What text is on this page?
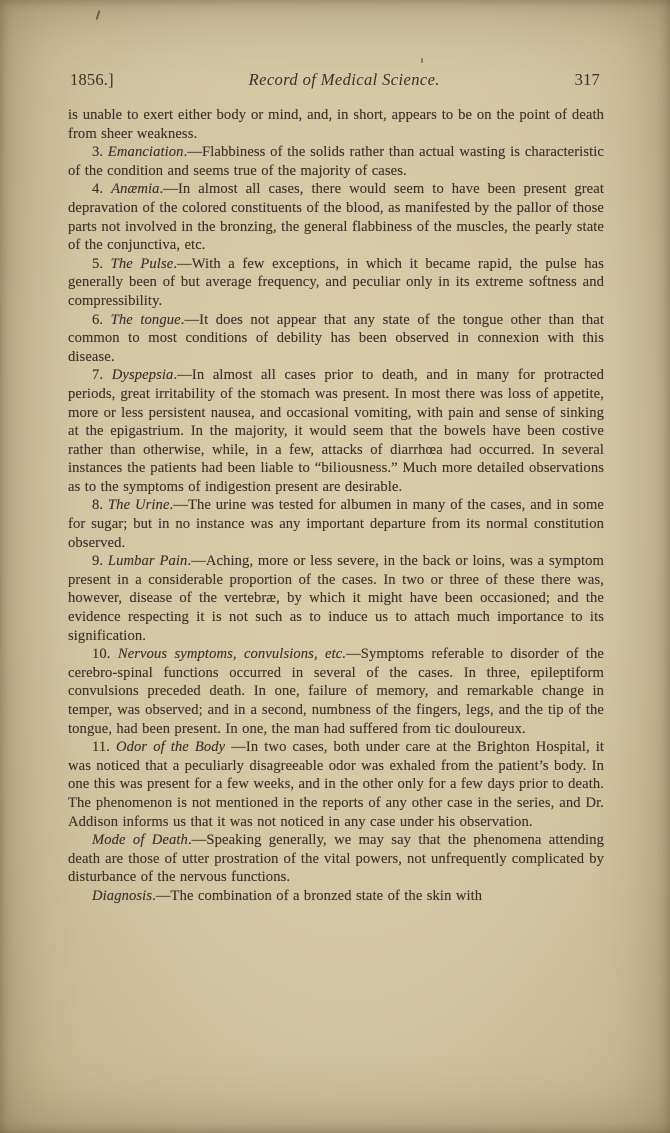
1856.]	Record of Medical Science.	317

is unable to exert either body or mind, and, in short, appears to be on the point of death from sheer weakness.

3. Emanciation.—Flabbiness of the solids rather than actual wasting is characteristic of the condition and seems true of the majority of cases.

4. Anæmia.—In almost all cases, there would seem to have been present great depravation of the colored constituents of the blood, as manifested by the pallor of those parts not involved in the bronzing, the general flabbiness of the muscles, the pearly state of the conjunctiva, etc.

5. The Pulse.—With a few exceptions, in which it became rapid, the pulse has generally been of but average frequency, and peculiar only in its extreme softness and compressibility.

6. The tongue.—It does not appear that any state of the tongue other than that common to most conditions of debility has been observed in connexion with this disease.

7. Dyspepsia.—In almost all cases prior to death, and in many for protracted periods, great irritability of the stomach was present. In most there was loss of appetite, more or less persistent nausea, and occasional vomiting, with pain and sense of sinking at the epigastrium. In the majority, it would seem that the bowels have been costive rather than otherwise, while, in a few, attacks of diarrhœa had occurred. In several instances the patients had been liable to “biliousness.” Much more detailed observations as to the symptoms of indigestion present are desirable.

8. The Urine.—The urine was tested for albumen in many of the cases, and in some for sugar; but in no instance was any important departure from its normal constitution observed.

9. Lumbar Pain.—Aching, more or less severe, in the back or loins, was a symptom present in a considerable proportion of the cases. In two or three of these there was, however, disease of the vertebræ, by which it might have been occasioned; and the evidence respecting it is not such as to induce us to attach much importance to its signification.

10. Nervous symptoms, convulsions, etc.—Symptoms referable to disorder of the cerebro-spinal functions occurred in several of the cases. In three, epileptiform convulsions preceded death. In one, failure of memory, and remarkable change in temper, was observed; and in a second, numbness of the fingers, legs, and the tip of the tongue, had been present. In one, the man had suffered from tic douloureux.

11. Odor of the Body —In two cases, both under care at the Brighton Hospital, it was noticed that a peculiarly disagreeable odor was exhaled from the patient’s body. In one this was present for a few weeks, and in the other only for a few days prior to death. The phenomenon is not mentioned in the reports of any other case in the series, and Dr. Addison informs us that it was not noticed in any case under his observation.

Mode of Death.—Speaking generally, we may say that the phenomena attending death are those of utter prostration of the vital powers, not unfrequently complicated by disturbance of the nervous functions.

Diagnosis.—The combination of a bronzed state of the skin with
